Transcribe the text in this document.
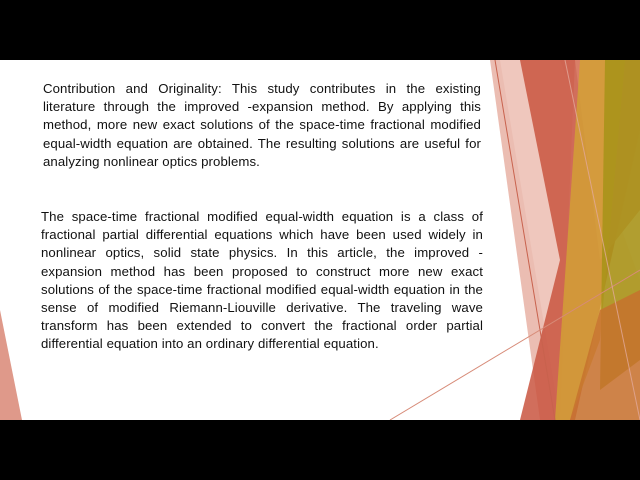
Contribution and Originality: This study contributes in the existing literature through the improved -expansion method. By applying this method, more new exact solutions of the space-time fractional modified equal-width equation are obtained. The resulting solutions are useful for analyzing nonlinear optics problems.

The space-time fractional modified equal-width equation is a class of fractional partial differential equations which have been used widely in nonlinear optics, solid state physics. In this article, the improved - expansion method has been proposed to construct more new exact solutions of the space-time fractional modified equal-width equation in the sense of modified Riemann-Liouville derivative. The traveling wave transform has been extended to convert the fractional order partial differential equation into an ordinary differential equation.
